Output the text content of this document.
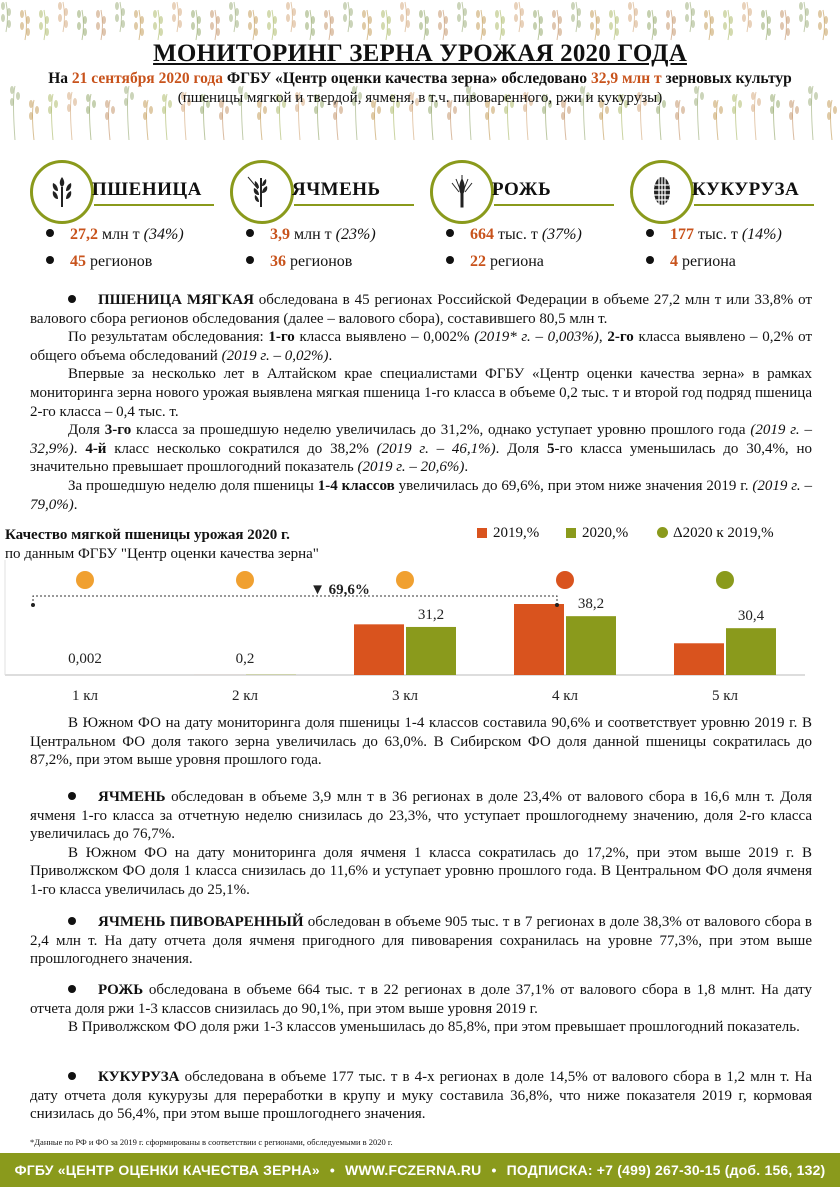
МОНИТОРИНГ ЗЕРНА УРОЖАЯ 2020 ГОДА
На 21 сентября 2020 года ФГБУ «Центр оценки качества зерна» обследовано 32,9 млн т зерновых культур
(пшеницы мягкой и твердой, ячменя, в т.ч. пивоваренного, ржи и кукурузы)
ПШЕНИЦА
27,2 млн т (34%)
45 регионов
ЯЧМЕНЬ
3,9 млн т (23%)
36 регионов
РОЖЬ
664 тыс. т (37%)
22 региона
КУКУРУЗА
177 тыс. т (14%)
4 региона

ПШЕНИЦА МЯГКАЯ обследована в 45 регионах Российской Федерации в объеме 27,2 млн т или 33,8% от валового сбора регионов обследования (далее – валового сбора), составившего 80,5 млн т.

По результатам обследования: 1-го класса выявлено – 0,002% (2019* г. – 0,003%), 2-го класса выявлено – 0,2% от общего объема обследований (2019 г. – 0,02%).

Впервые за несколько лет в Алтайском крае специалистами ФГБУ «Центр оценки качества зерна» в рамках мониторинга зерна нового урожая выявлена мягкая пшеница 1-го класса в объеме 0,2 тыс. т и второй год подряд пшеница 2-го класса – 0,4 тыс. т.

Доля 3-го класса за прошедшую неделю увеличилась до 31,2%, однако уступает уровню прошлого года (2019 г. – 32,9%). 4-й класс несколько сократился до 38,2% (2019 г. – 46,1%). Доля 5-го класса уменьшилась до 30,4%, но значительно превышает прошлогодний показатель (2019 г. – 20,6%).

За прошедшую неделю доля пшеницы 1-4 классов увеличилась до 69,6%, при этом ниже значения 2019 г. (2019 г. – 79,0%).

Качество мягкой пшеницы урожая 2020 г.
по данным ФГБУ "Центр оценки качества зерна"
2019,%	2020,%	Δ2020 к 2019,%
0,002
1 кл
0,2
2 кл
31,2
3 кл
38,2
4 кл
30,4
5 кл
▼ 69,6%

В Южном ФО на дату мониторинга доля пшеницы 1-4 классов составила 90,6% и соответствует уровню 2019 г. В Центральном ФО доля такого зерна увеличилась до 63,0%. В Сибирском ФО доля данной пшеницы сократилась до 87,2%, при этом выше уровня прошлого года.

ЯЧМЕНЬ обследован в объеме 3,9 млн т в 36 регионах в доле 23,4% от валового сбора в 16,6 млн т. Доля ячменя 1-го класса за отчетную неделю снизилась до 23,3%, что уступает прошлогоднему значению, доля 2-го класса увеличилась до 76,7%.

В Южном ФО на дату мониторинга доля ячменя 1 класса сократилась до 17,2%, при этом выше 2019 г. В Приволжском ФО доля 1 класса снизилась до 11,6% и уступает уровню прошлого года. В Центральном ФО доля ячменя 1-го класса увеличилась до 25,1%.

ЯЧМЕНЬ ПИВОВАРЕННЫЙ обследован в объеме 905 тыс. т в 7 регионах в доле 38,3% от валового сбора в 2,4 млн т. На дату отчета доля ячменя пригодного для пивоварения сохранилась на уровне 77,3%, при этом выше прошлогоднего значения.

РОЖЬ обследована в объеме 664 тыс. т в 22 регионах в доле 37,1% от валового сбора в 1,8 млнт. На дату отчета доля ржи 1-3 классов снизилась до 90,1%, при этом выше уровня 2019 г.

В Приволжском ФО доля ржи 1-3 классов уменьшилась до 85,8%, при этом превышает прошлогодний показатель.

КУКУРУЗА обследована в объеме 177 тыс. т в 4-х регионах в доле 14,5% от валового сбора в 1,2 млн т. На дату отчета доля кукурузы для переработки в крупу и муку составила 36,8%, что ниже показателя 2019 г, кормовая снизилась до 56,4%, при этом выше прошлогоднего значения.

*Данные по РФ и ФО за 2019 г. сформированы в соответствии с регионами, обследуемыми в 2020 г.
ФГБУ «ЦЕНТР ОЦЕНКИ КАЧЕСТВА ЗЕРНА» • WWW.FCZERNA.RU • ПОДПИСКА: +7 (499) 267-30-15 (доб. 156, 132)
